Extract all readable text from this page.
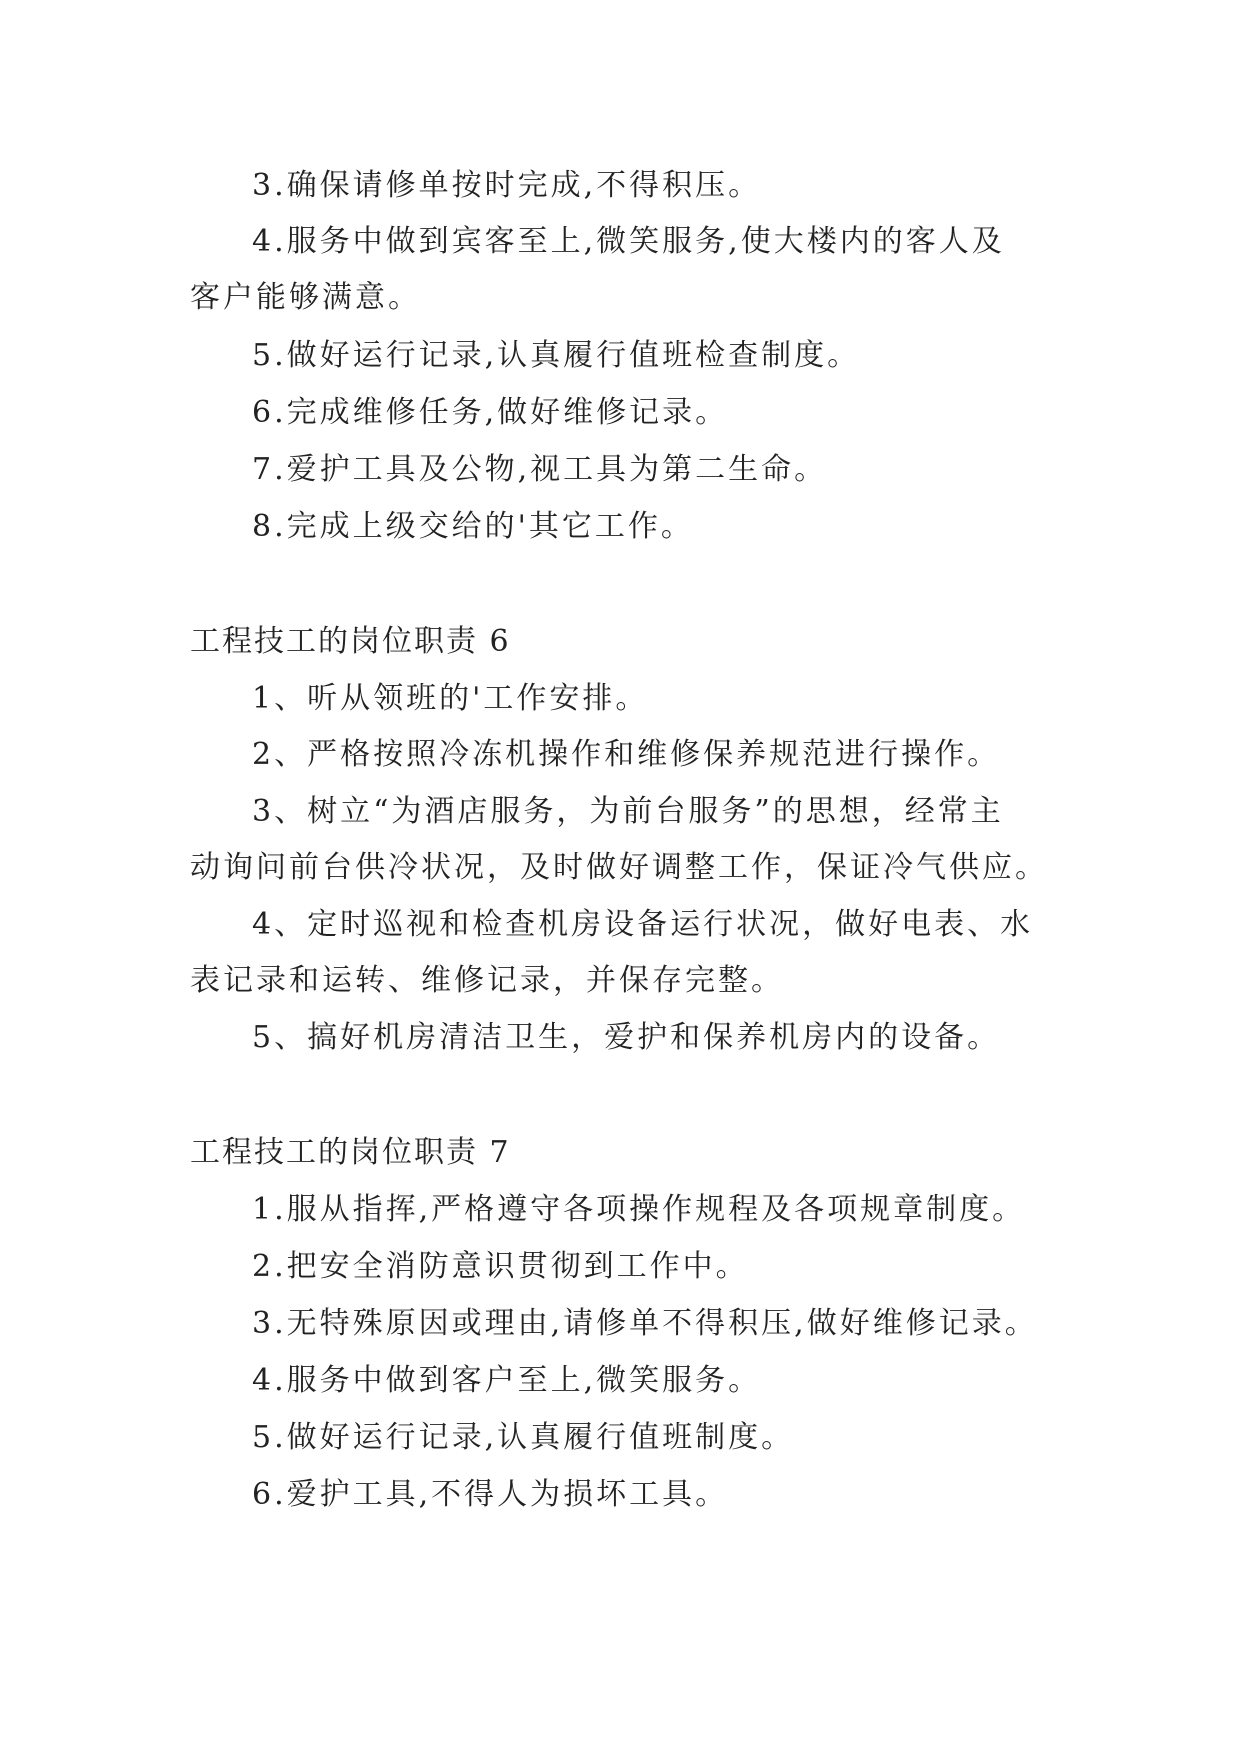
3.确保请修单按时完成,不得积压。
4.服务中做到宾客至上,微笑服务,使大楼内的客人及
客户能够满意。
5.做好运行记录,认真履行值班检查制度。
6.完成维修任务,做好维修记录。
7.爱护工具及公物,视工具为第二生命。
8.完成上级交给的'其它工作。
工程技工的岗位职责 6
1、听从领班的'工作安排。
2、严格按照冷冻机操作和维修保养规范进行操作。
3、树立“为酒店服务，为前台服务”的思想，经常主
动询问前台供冷状况，及时做好调整工作，保证冷气供应。
4、定时巡视和检查机房设备运行状况，做好电表、水
表记录和运转、维修记录，并保存完整。
5、搞好机房清洁卫生，爱护和保养机房内的设备。
工程技工的岗位职责 7
1.服从指挥,严格遵守各项操作规程及各项规章制度。
2.把安全消防意识贯彻到工作中。
3.无特殊原因或理由,请修单不得积压,做好维修记录。
4.服务中做到客户至上,微笑服务。
5.做好运行记录,认真履行值班制度。
6.爱护工具,不得人为损坏工具。
